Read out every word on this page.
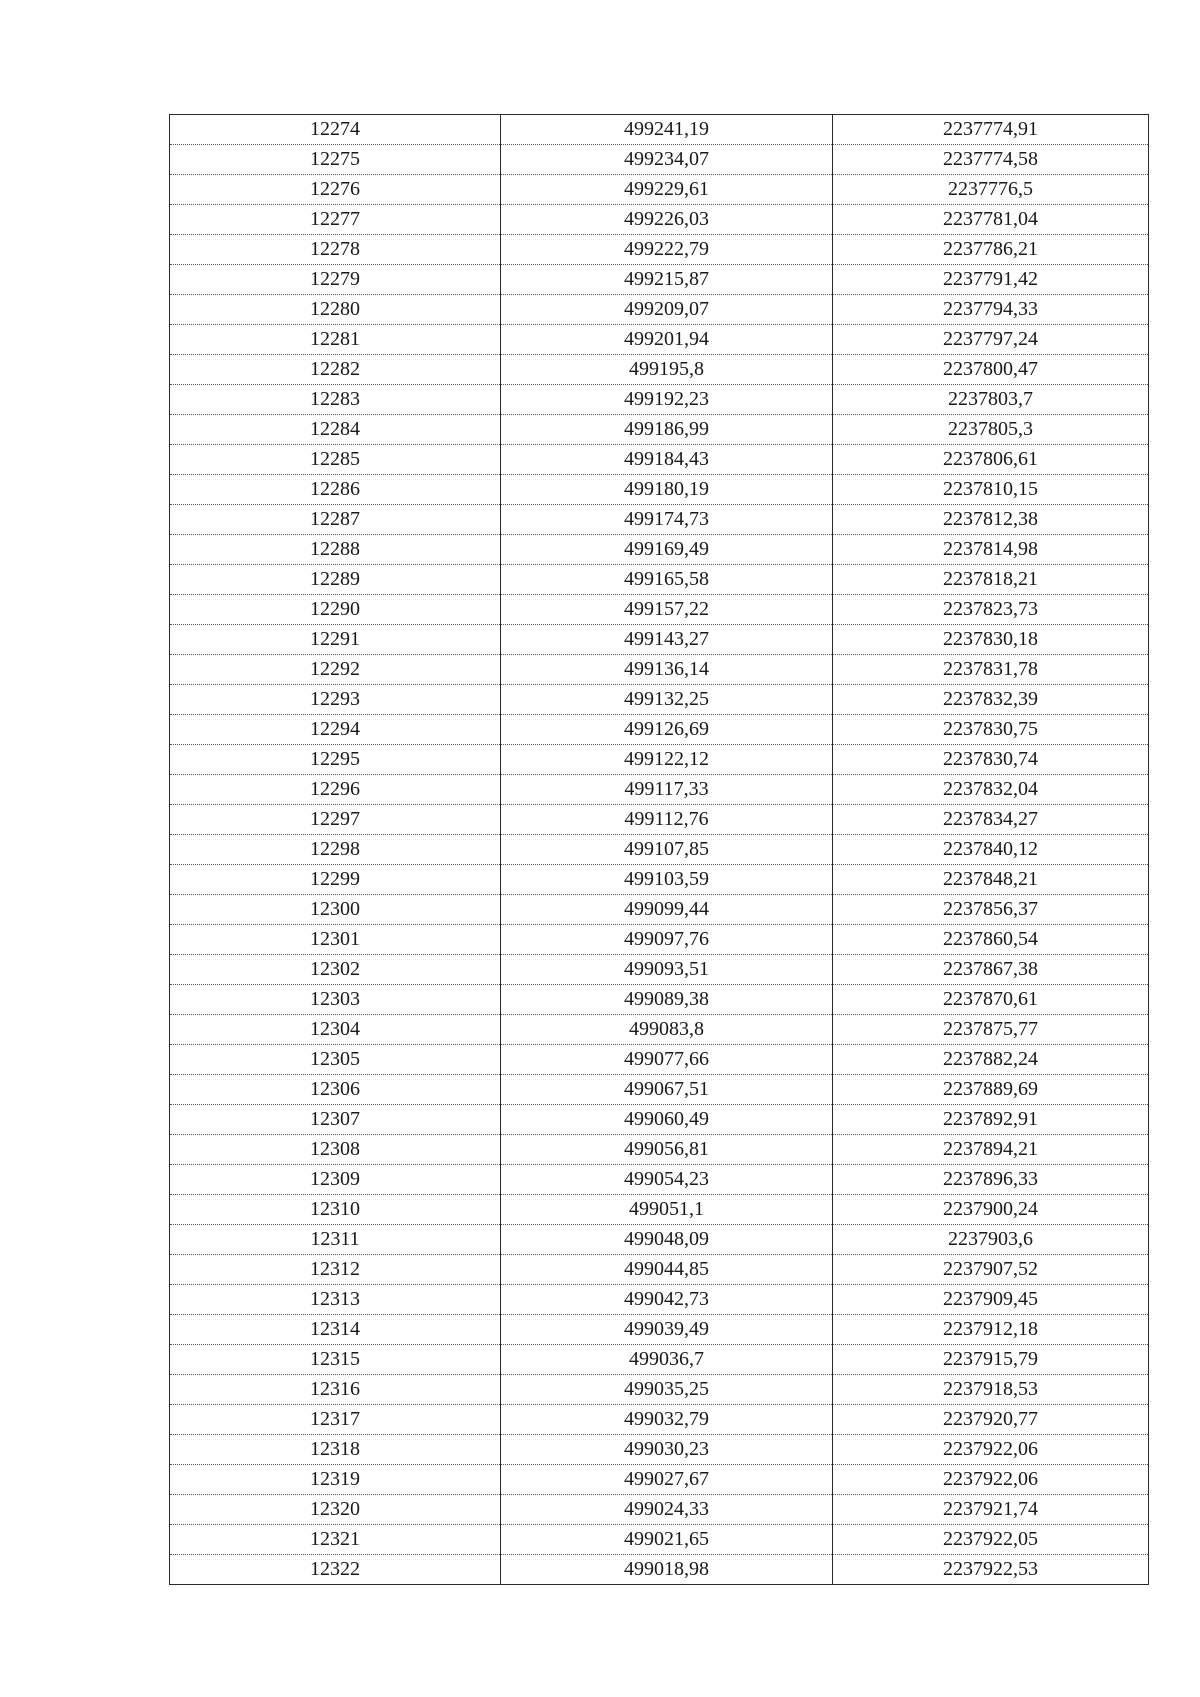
12274	499241,19	2237774,91
12275	499234,07	2237774,58
12276	499229,61	2237776,5
12277	499226,03	2237781,04
12278	499222,79	2237786,21
12279	499215,87	2237791,42
12280	499209,07	2237794,33
12281	499201,94	2237797,24
12282	499195,8	2237800,47
12283	499192,23	2237803,7
12284	499186,99	2237805,3
12285	499184,43	2237806,61
12286	499180,19	2237810,15
12287	499174,73	2237812,38
12288	499169,49	2237814,98
12289	499165,58	2237818,21
12290	499157,22	2237823,73
12291	499143,27	2237830,18
12292	499136,14	2237831,78
12293	499132,25	2237832,39
12294	499126,69	2237830,75
12295	499122,12	2237830,74
12296	499117,33	2237832,04
12297	499112,76	2237834,27
12298	499107,85	2237840,12
12299	499103,59	2237848,21
12300	499099,44	2237856,37
12301	499097,76	2237860,54
12302	499093,51	2237867,38
12303	499089,38	2237870,61
12304	499083,8	2237875,77
12305	499077,66	2237882,24
12306	499067,51	2237889,69
12307	499060,49	2237892,91
12308	499056,81	2237894,21
12309	499054,23	2237896,33
12310	499051,1	2237900,24
12311	499048,09	2237903,6
12312	499044,85	2237907,52
12313	499042,73	2237909,45
12314	499039,49	2237912,18
12315	499036,7	2237915,79
12316	499035,25	2237918,53
12317	499032,79	2237920,77
12318	499030,23	2237922,06
12319	499027,67	2237922,06
12320	499024,33	2237921,74
12321	499021,65	2237922,05
12322	499018,98	2237922,53
